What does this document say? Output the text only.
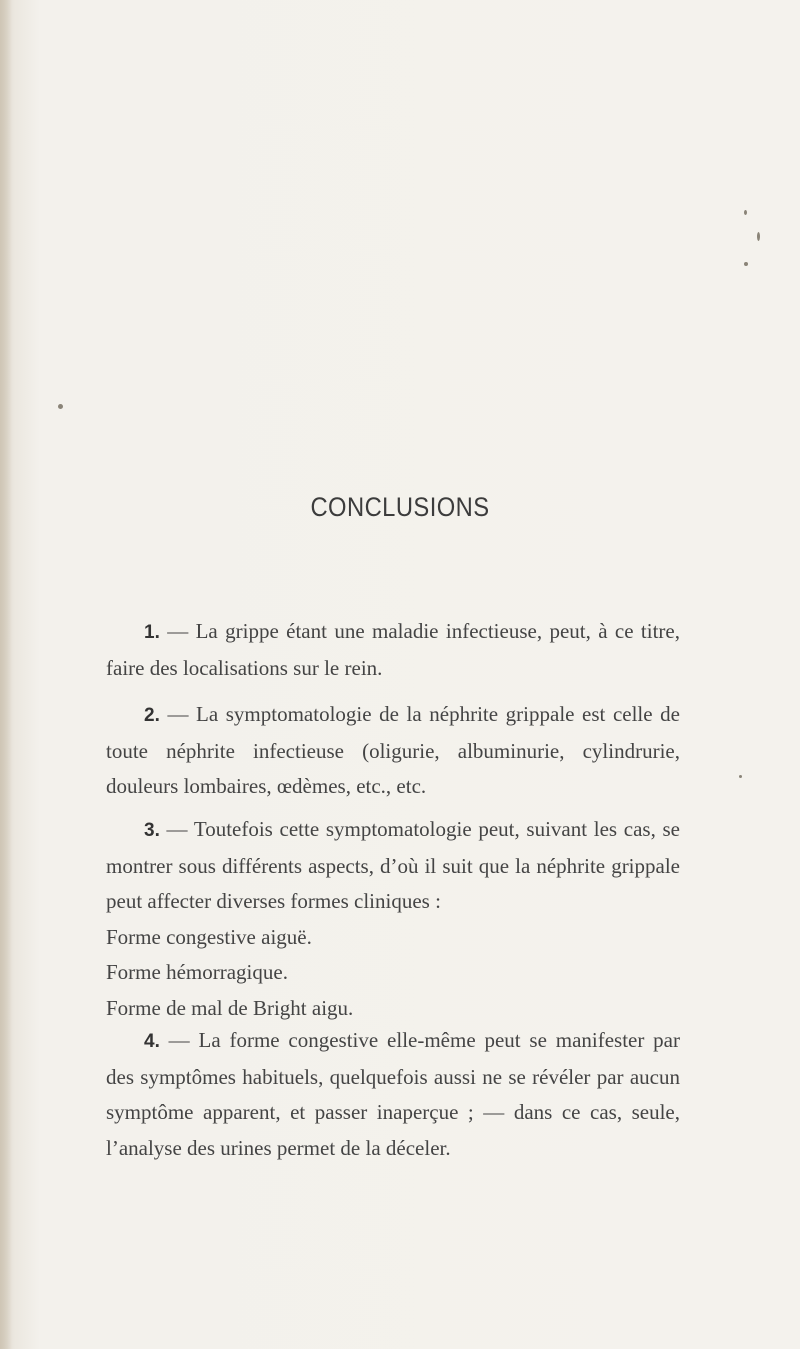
CONCLUSIONS

1. — La grippe étant une maladie infectieuse, peut, à ce titre, faire des localisations sur le rein.

2. — La symptomatologie de la néphrite grippale est celle de toute néphrite infectieuse (oligurie, albuminurie, cylindrurie, douleurs lombaires, œdèmes, etc., etc.

3. — Toutefois cette symptomatologie peut, suivant les cas, se montrer sous différents aspects, d’où il suit que la néphrite grippale peut affecter diverses formes cliniques :

Forme congestive aiguë.

Forme hémorragique.

Forme de mal de Bright aigu.

4. — La forme congestive elle-même peut se manifester par des symptômes habituels, quelquefois aussi ne se révéler par aucun symptôme apparent, et passer inaperçue ; — dans ce cas, seule, l’analyse des urines permet de la déceler.
